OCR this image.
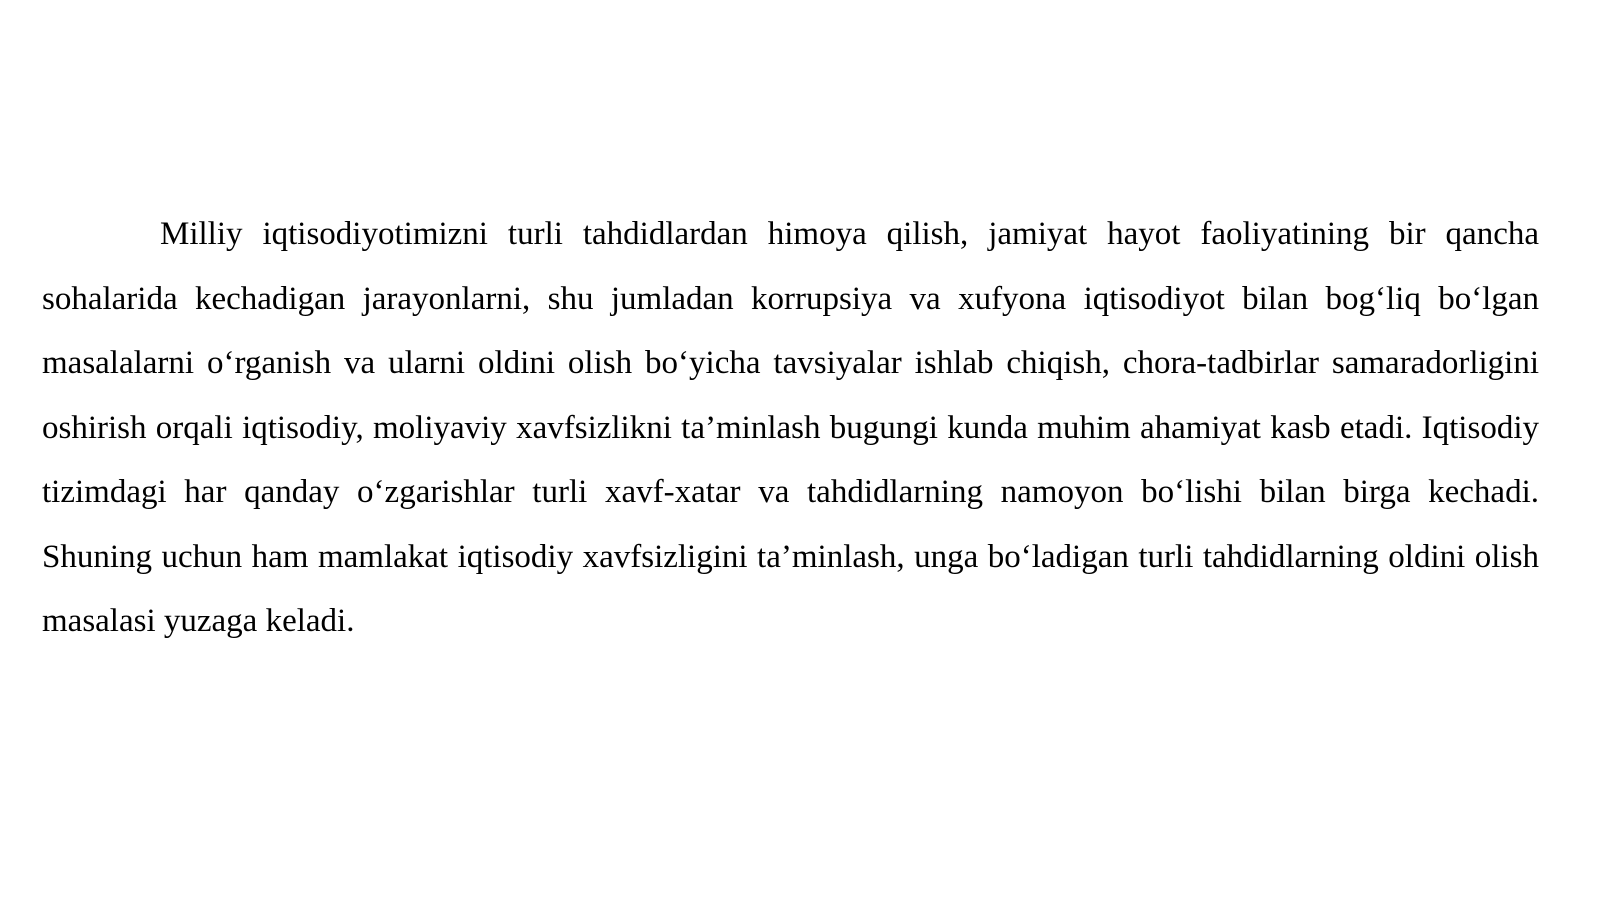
Milliy iqtisodiyotimizni turli tahdidlardan himoya qilish, jamiyat hayot faoliyatining bir qancha sohalarida kechadigan jarayonlarni, shu jumladan korrupsiya va xufyona iqtisodiyot bilan bog‘liq bo‘lgan masalalarni o‘rganish va ularni oldini olish bo‘yicha tavsiyalar ishlab chiqish, chora-tadbirlar samaradorligini oshirish orqali iqtisodiy, moliyaviy xavfsizlikni ta’minlash bugungi kunda muhim ahamiyat kasb etadi. Iqtisodiy tizimdagi har qanday o‘zgarishlar turli xavf-xatar va tahdidlarning namoyon bo‘lishi bilan birga kechadi. Shuning uchun ham mamlakat iqtisodiy xavfsizligini ta’minlash, unga bo‘ladigan turli tahdidlarning oldini olish masalasi yuzaga keladi.
